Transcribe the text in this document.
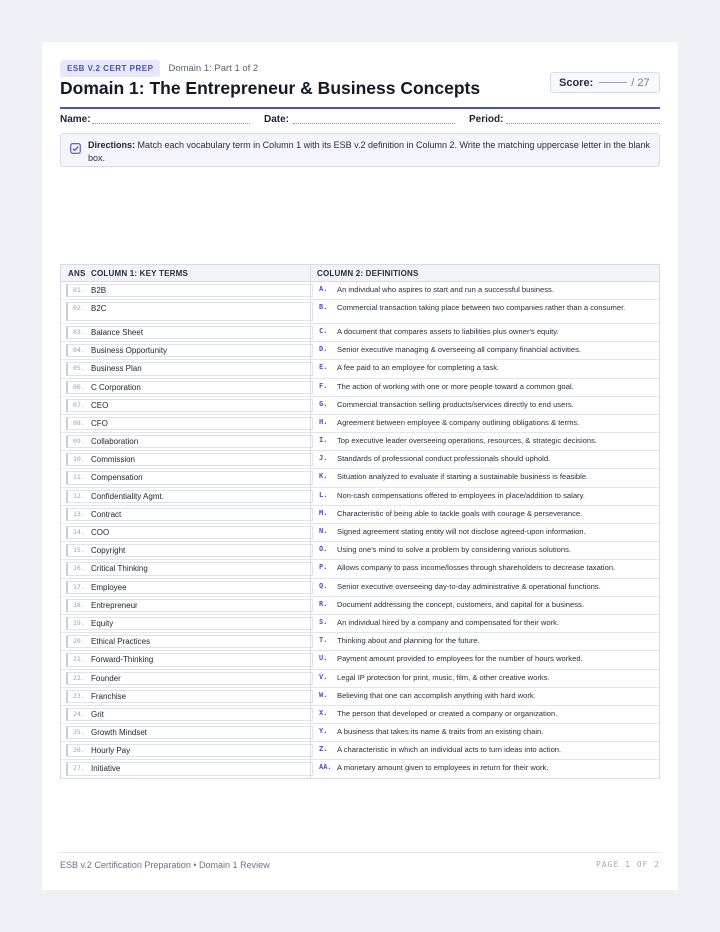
ESB V.2 CERT PREP	Domain 1: Part 1 of 2
Domain 1: The Entrepreneur & Business Concepts	Score:	/ 27
Name:	Date:	Period:
Directions: Match each vocabulary term in Column 1 with its ESB v.2 definition in Column 2. Write the matching uppercase letter in the blank box.
ANS COLUMN 1: KEY TERMS	COLUMN 2: DEFINITIONS
01. B2B	A. An individual who aspires to start and run a successful business.
02. B2C	B. Commercial transaction taking place between two companies rather than a consumer.
03. Balance Sheet	C. A document that compares assets to liabilities plus owner's equity.
04. Business Opportunity	D. Senior executive managing & overseeing all company financial activities.
05. Business Plan	E. A fee paid to an employee for completing a task.
06. C Corporation	F. The action of working with one or more people toward a common goal.
07. CEO	G. Commercial transaction selling products/services directly to end users.
08. CFO	H. Agreement between employee & company outlining obligations & terms.
09. Collaboration	I. Top executive leader overseeing operations, resources, & strategic decisions.
10. Commission	J. Standards of professional conduct professionals should uphold.
11. Compensation	K. Situation analyzed to evaluate if starting a sustainable business is feasible.
12. Confidentiality Agmt.	L. Non-cash compensations offered to employees in place/addition to salary.
13. Contract	M. Characteristic of being able to tackle goals with courage & perseverance.
14. COO	N. Signed agreement stating entity will not disclose agreed-upon information.
15. Copyright	O. Using one's mind to solve a problem by considering various solutions.
16. Critical Thinking	P. Allows company to pass income/losses through shareholders to decrease taxation.
17. Employee	Q. Senior executive overseeing day-to-day administrative & operational functions.
18. Entrepreneur	R. Document addressing the concept, customers, and capital for a business.
19. Equity	S. An individual hired by a company and compensated for their work.
20. Ethical Practices	T. Thinking about and planning for the future.
21. Forward-Thinking	U. Payment amount provided to employees for the number of hours worked.
22. Founder	V. Legal IP protection for print, music, film, & other creative works.
23. Franchise	W. Believing that one can accomplish anything with hard work.
24. Grit	X. The person that developed or created a company or organization.
25. Growth Mindset	Y. A business that takes its name & traits from an existing chain.
26. Hourly Pay	Z. A characteristic in which an individual acts to turn ideas into action.
27. Initiative	AA. A monetary amount given to employees in return for their work.
ESB v.2 Certification Preparation • Domain 1 Review	PAGE 1 OF 2
